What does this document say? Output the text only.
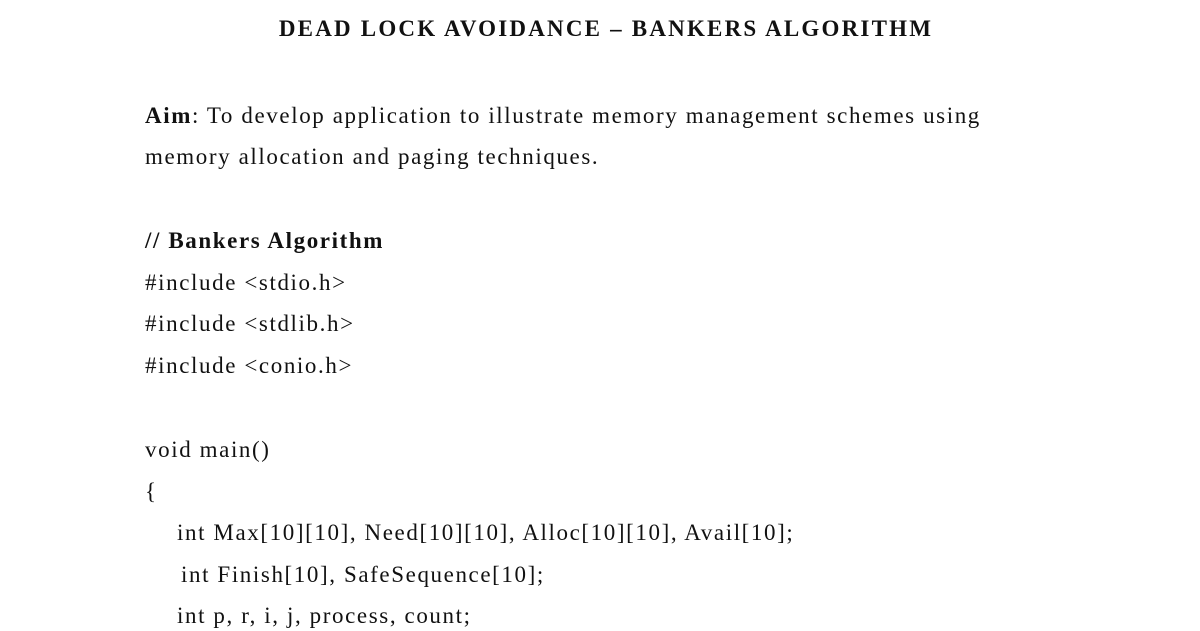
DEAD LOCK AVOIDANCE – BANKERS ALGORITHM
Aim: To develop application to illustrate memory management schemes using
memory allocation and paging techniques.
// Bankers Algorithm
#include <stdio.h>
#include <stdlib.h>
#include <conio.h>
void main()
{
int Max[10][10], Need[10][10], Alloc[10][10], Avail[10];
int Finish[10], SafeSequence[10];
int p, r, i, j, process, count;
